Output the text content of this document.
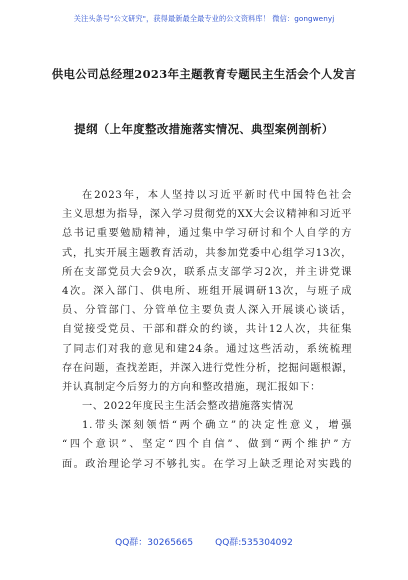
关注头条号"公文研究"，获得最新最全最专业的公文资料库！ 微信：gongwenyj
供电公司总经理2023年主题教育专题民主生活会个人发言
提纲（上年度整改措施落实情况、典型案例剖析）
在2023年，本人坚持以习近平新时代中国特色社会
主义思想为指导，深入学习贯彻党的XX大会议精神和习近平
总书记重要勉励精神，通过集中学习研讨和个人自学的方
式，扎实开展主题教育活动，共参加党委中心组学习13次，
所在支部党员大会9次，联系点支部学习2次，并主讲党课
4次。深入部门、供电所、班组开展调研13次，与班子成
员、分管部门、分管单位主要负责人深入开展谈心谈话，
自觉接受党员、干部和群众的约谈，共计12人次，共征集
了同志们对我的意见和建24条。通过这些活动，系统梳理
存在问题，查找差距，并深入进行党性分析，挖掘问题根源，
并认真制定今后努力的方向和整改措施，现汇报如下：
一、2022年度民主生活会整改措施落实情况
1.带头深刻领悟“两个确立”的决定性意义，增强
“四个意识”、坚定“四个自信”、做到“两个维护”方
面。政治理论学习不够扎实。在学习上缺乏理论对实践的
QQ群：30265665 QQ群:535304092
